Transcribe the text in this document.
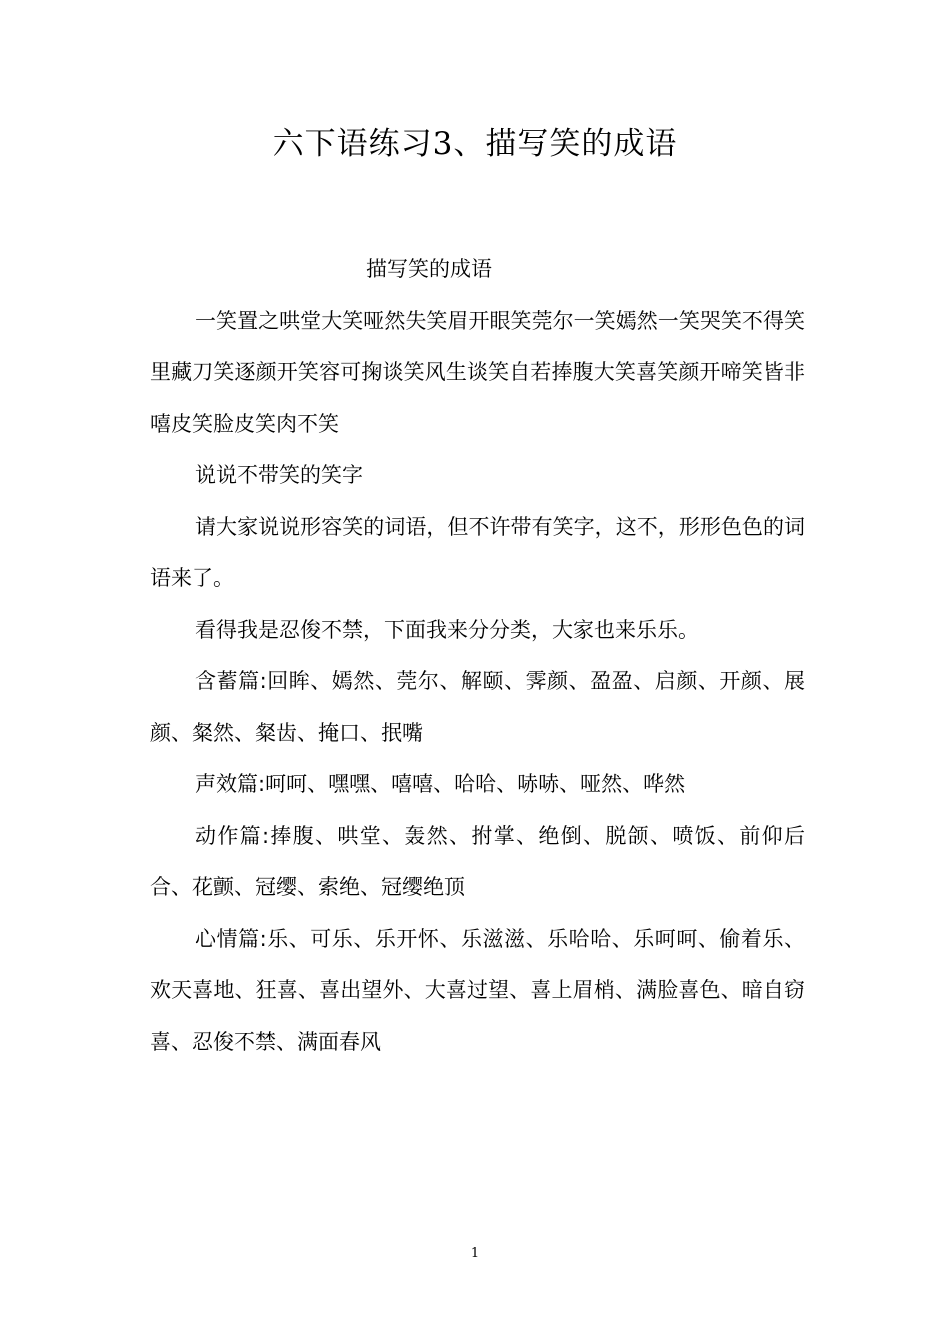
六下语练习3、描写笑的成语

描写笑的成语

一笑置之哄堂大笑哑然失笑眉开眼笑莞尔一笑嫣然一笑哭笑不得笑里藏刀笑逐颜开笑容可掬谈笑风生谈笑自若捧腹大笑喜笑颜开啼笑皆非嘻皮笑脸皮笑肉不笑

说说不带笑的笑字

请大家说说形容笑的词语，但不许带有笑字，这不，形形色色的词语来了。

看得我是忍俊不禁，下面我来分分类，大家也来乐乐。

含蓄篇:回眸、嫣然、莞尔、解颐、霁颜、盈盈、启颜、开颜、展颜、粲然、粲齿、掩口、抿嘴

声效篇:呵呵、嘿嘿、嘻嘻、哈哈、哧哧、哑然、哗然

动作篇:捧腹、哄堂、轰然、拊掌、绝倒、脱颌、喷饭、前仰后合、花颤、冠缨、索绝、冠缨绝顶

心情篇:乐、可乐、乐开怀、乐滋滋、乐哈哈、乐呵呵、偷着乐、欢天喜地、狂喜、喜出望外、大喜过望、喜上眉梢、满脸喜色、暗自窃喜、忍俊不禁、满面春风

1
